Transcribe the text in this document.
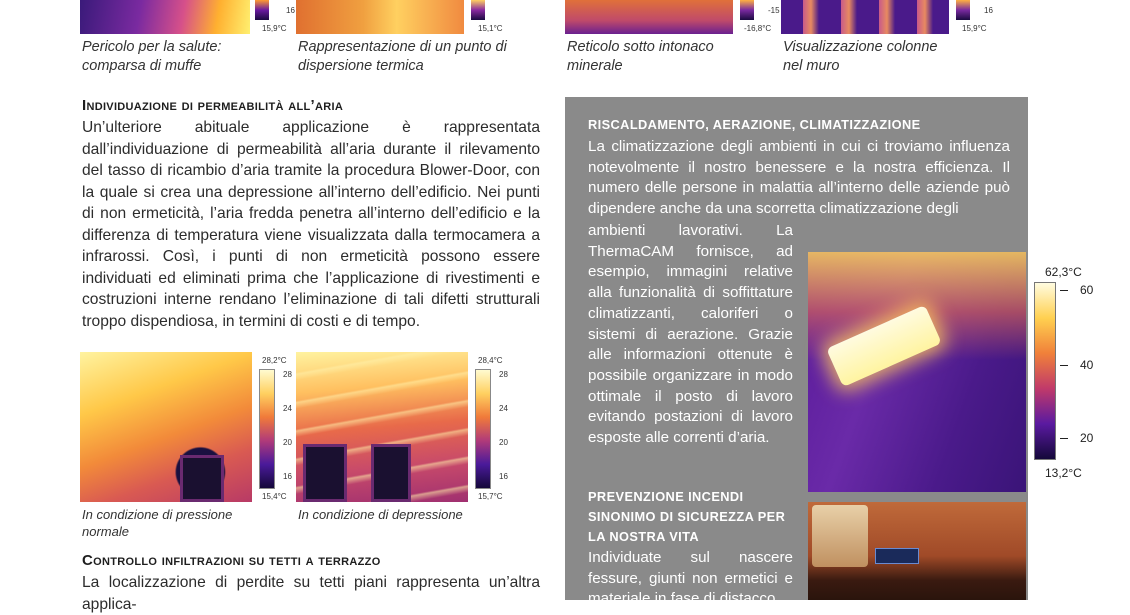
16
15,9°C	15,1°C
-15
-16,8°C
16
15,9°C
Pericolo per la salute: comparsa di muffe
Rappresentazione di un punto di dispersione termica
Reticolo sotto intonaco minerale
Visualizzazione colonne nel muro
Individuazione di permeabilità all’aria
Un’ulteriore abituale applicazione è rappresentata dall’individuazione di permeabilità all’aria durante il rilevamento del tasso di ricambio d’aria tramite la procedura Blower-Door, con la quale si crea una depressione all’interno dell’edificio. Nei punti di non ermeticità, l’aria fredda penetra all’interno dell’edificio e la differenza di temperatura viene visualizzata dalla termocamera a infrarossi. Così, i punti di non ermeticità possono essere individuati ed eliminati prima che l’applicazione di rivestimenti e costruzioni interne rendano l’eliminazione di tali difetti strutturali troppo dispendiosa, in termini di costi e di tempo.
28,2°C
15,4°C
28
24
20
16
28,4°C
15,7°C
28
24
20
16
In condizione di pressione normale
In condizione di depressione
Controllo infiltrazioni su tetti a terrazzo
La localizzazione di perdite su tetti piani rappresenta un’altra applica-
RISCALDAMENTO, AERAZIONE, CLIMATIZZAZIONE
La climatizzazione degli ambienti in cui ci troviamo influenza notevolmente il nostro benessere e la nostra efficienza. Il numero delle persone in malattia all’interno delle aziende può dipendere anche da una scorretta climatizzazione degli
ambienti lavorativi. La ThermaCAM fornisce, ad esempio, immagini relative alla funzionalità di soffittature climatizzanti, caloriferi o sistemi di aerazione. Grazie alle informazioni ottenute è possibile organizzare in modo ottimale il posto di lavoro evitando postazioni di lavoro esposte alle correnti d’aria.
PREVENZIONE INCENDI SINONIMO DI SICUREZZA PER LA NOSTRA VITA
Individuate sul nascere fessure, giunti non ermetici e materiale in fase di distacco
62,3°C
13,2°C
60
40
20
